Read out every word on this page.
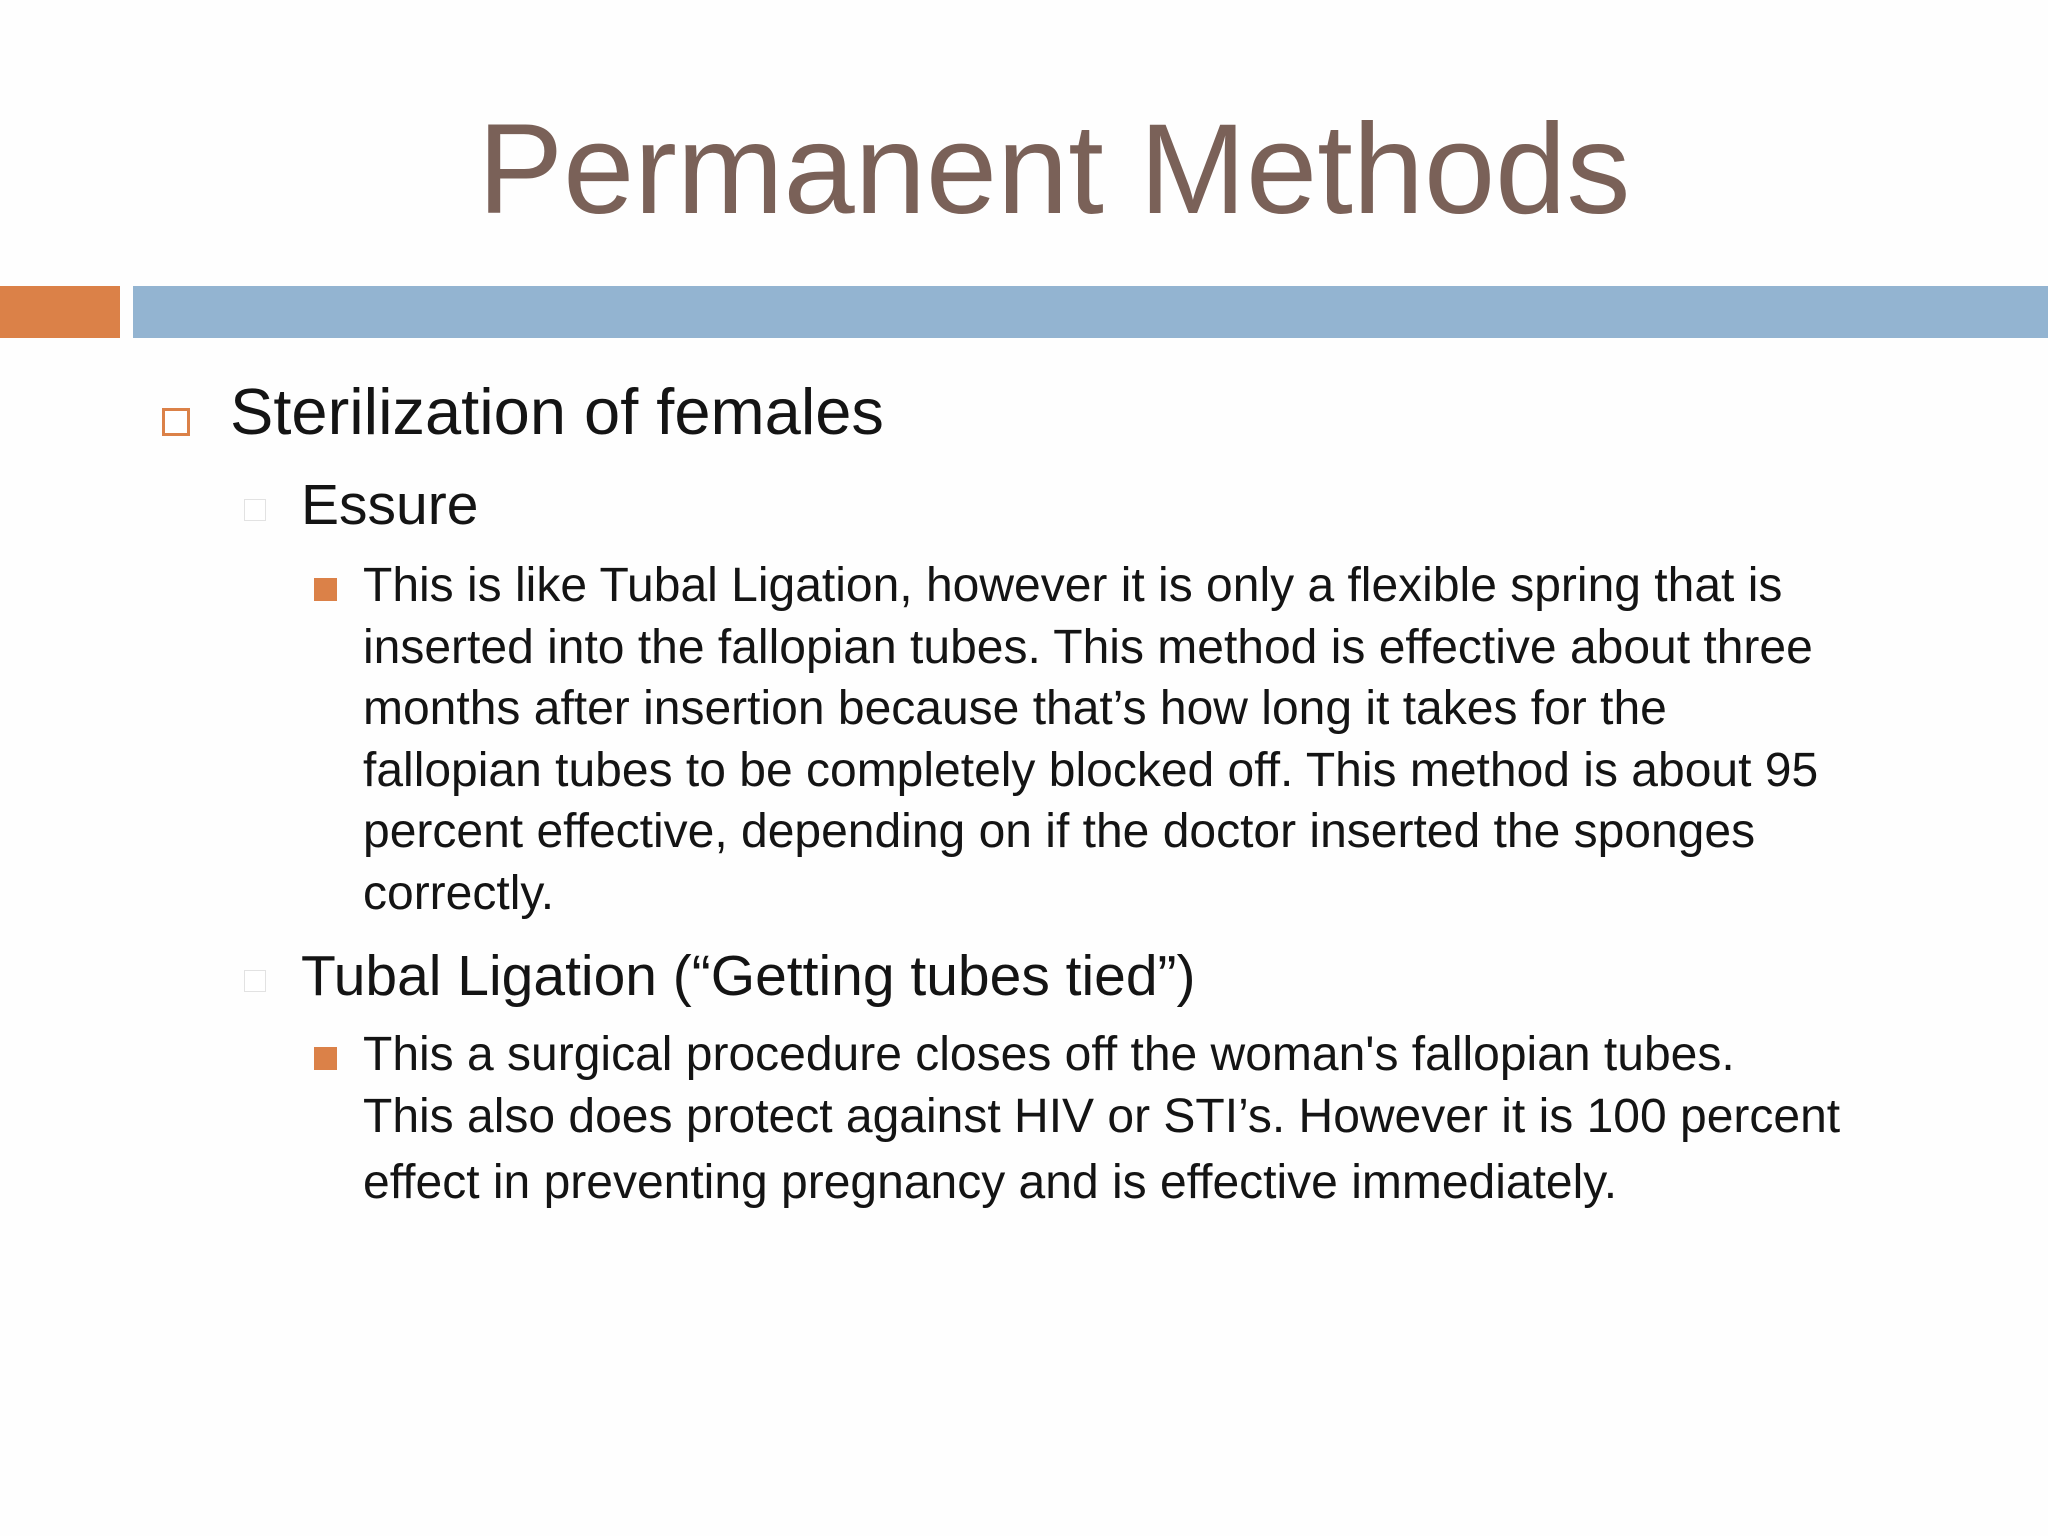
Permanent Methods
Sterilization of females
Essure
This is like Tubal Ligation, however it is only a flexible spring that is
inserted into the fallopian tubes. This method is effective about three
months after insertion because that’s how long it takes for the
fallopian tubes to be completely blocked off. This method is about 95
percent effective, depending on if the doctor inserted the sponges
correctly.
Tubal Ligation (“Getting tubes tied”)
This a surgical procedure closes off the woman's fallopian tubes.
This also does protect against HIV or STI’s. However it is 100 percent
effect in preventing pregnancy and is effective immediately.
